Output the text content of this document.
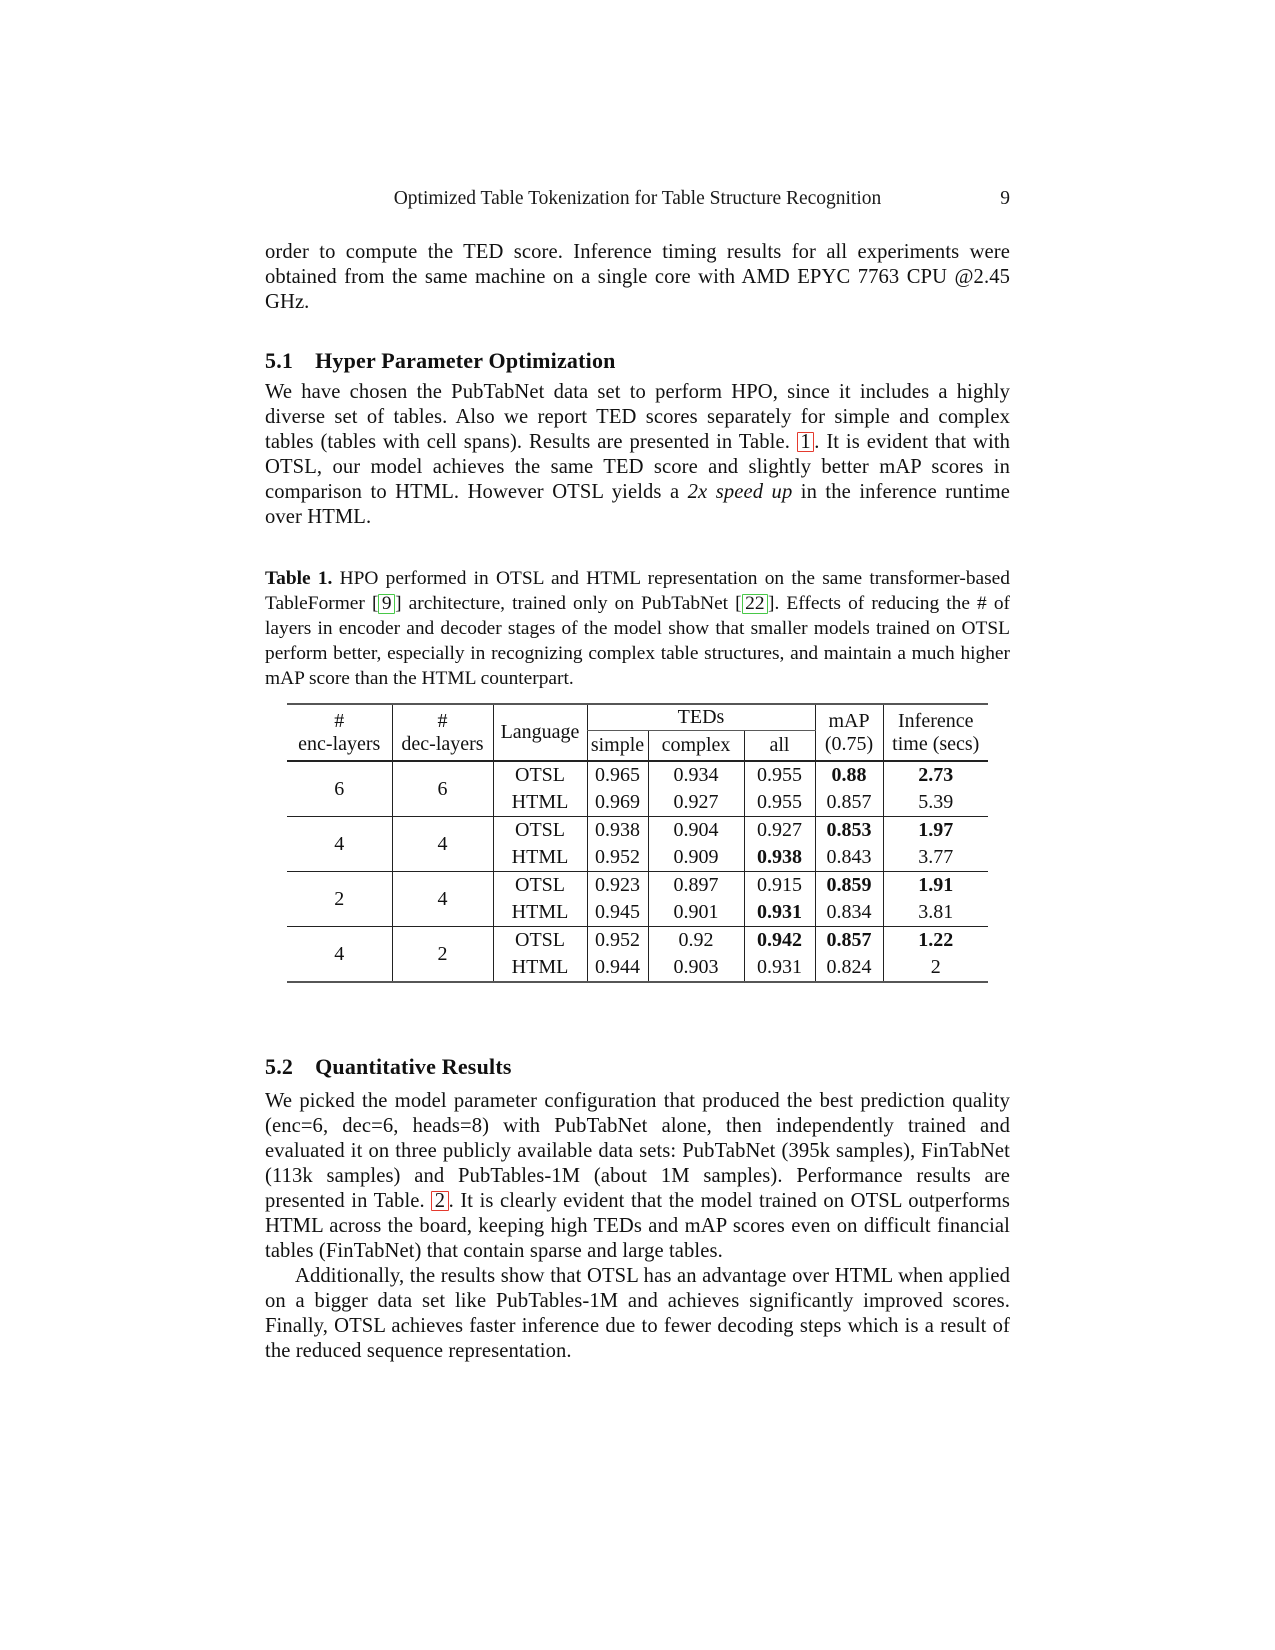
Optimized Table Tokenization for Table Structure Recognition	9

order to compute the TED score. Inference timing results for all experiments were obtained from the same machine on a single core with AMD EPYC 7763 CPU @2.45 GHz.

5.1 Hyper Parameter Optimization

We have chosen the PubTabNet data set to perform HPO, since it includes a highly diverse set of tables. Also we report TED scores separately for simple and complex tables (tables with cell spans). Results are presented in Table. 1 . It is evident that with OTSL, our model achieves the same TED score and slightly better mAP scores in comparison to HTML. However OTSL yields a 2x speed up in the inference runtime over HTML.

Table 1. HPO performed in OTSL and HTML representation on the same transformer-based TableFormer [ 9 ] architecture, trained only on PubTabNet [ 22 ]. Effects of reducing the # of layers in encoder and decoder stages of the model show that smaller models trained on OTSL perform better, especially in recognizing complex table structures, and maintain a much higher mAP score than the HTML counterpart.
#
enc-layers

#
dec-layers
	Language	TEDs	mAP
(0.75)

Inference
time (secs)

			simple	complex	all		
6	6	OTSL	0.965	0.934	0.955	0.88	2.73
		HTML	0.969	0.927	0.955	0.857	5.39
4	4	OTSL	0.938	0.904	0.927	0.853	1.97
		HTML	0.952	0.909	0.938	0.843	3.77
2	4	OTSL	0.923	0.897	0.915	0.859	1.91
		HTML	0.945	0.901	0.931	0.834	3.81
4	2	OTSL	0.952	0.92	0.942	0.857	1.22
		HTML	0.944	0.903	0.931	0.824	2
5.2 Quantitative Results

We picked the model parameter configuration that produced the best prediction quality (enc=6, dec=6, heads=8) with PubTabNet alone, then independently trained and evaluated it on three publicly available data sets: PubTabNet (395k samples), FinTabNet (113k samples) and PubTables-1M (about 1M samples). Performance results are presented in Table. 2 . It is clearly evident that the model trained on OTSL outperforms HTML across the board, keeping high TEDs and mAP scores even on difficult financial tables (FinTabNet) that contain sparse and large tables.

Additionally, the results show that OTSL has an advantage over HTML when applied on a bigger data set like PubTables-1M and achieves significantly improved scores. Finally, OTSL achieves faster inference due to fewer decoding steps which is a result of the reduced sequence representation.
